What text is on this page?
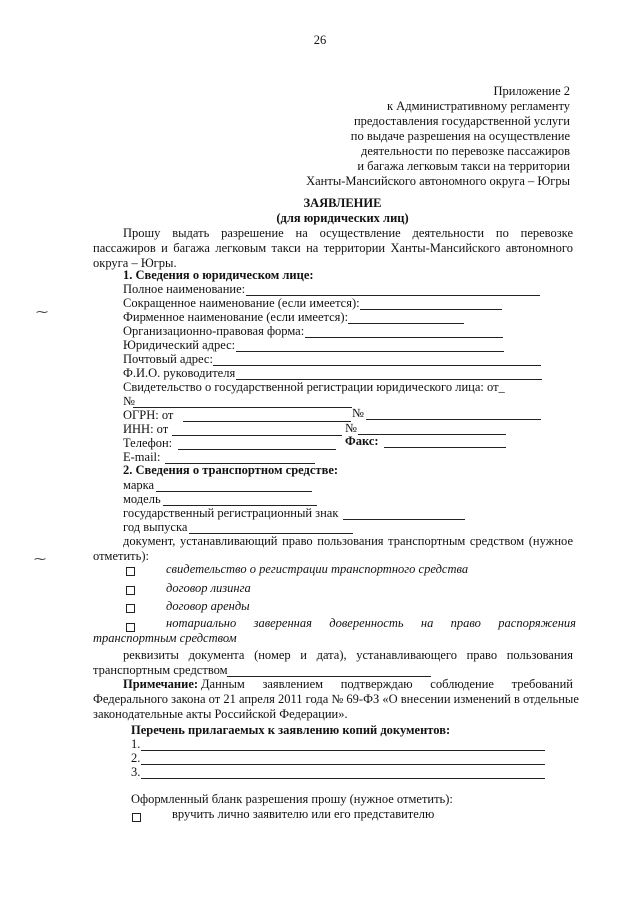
26
Приложение 2
к Административному регламенту
предоставления государственной услуги
по выдаче разрешения на осуществление
деятельности по перевозке пассажиров
и багажа легковым такси на территории
Ханты-Мансийского автономного округа – Югры
ЗАЯВЛЕНИЕ
(для юридических лиц)
Прошу выдать разрешение на осуществление деятельности по перевозке
пассажиров и багажа легковым такси на территории Ханты-Мансийского автономного
округа – Югры.
1. Сведения о юридическом лице:
Полное наименование:
Сокращенное наименование (если имеется):
⁓	Фирменное наименование (если имеется):
Организационно-правовая форма:
Юридический адрес:
Почтовый адрес:
Ф.И.О. руководителя
Свидетельство о государственной регистрации юридического лица: от_
№
ОГРН: от	№
ИНН: от	№
Телефон:	Факс:
E-mail:
2. Сведения о транспортном средстве:
марка
модель
государственный регистрационный знак
год выпуска
документ, устанавливающий право пользования транспортным средством (нужное
отметить):
⁓
свидетельство о регистрации транспортного средства
договор лизинга
договор аренды
нотариально заверенная доверенность на право распоряжения
транспортным средством
реквизиты документа (номер и дата), устанавливающего право пользования
транспортным средством
Примечание: Данным заявлением подтверждаю соблюдение требований
Федерального закона от 21 апреля 2011 года № 69-ФЗ «О внесении изменений в отдельные
законодательные акты Российской Федерации».
Перечень прилагаемых к заявлению копий документов:
1.
2.
3.
Оформленный бланк разрешения прошу (нужное отметить):
вручить лично заявителю или его представителю
